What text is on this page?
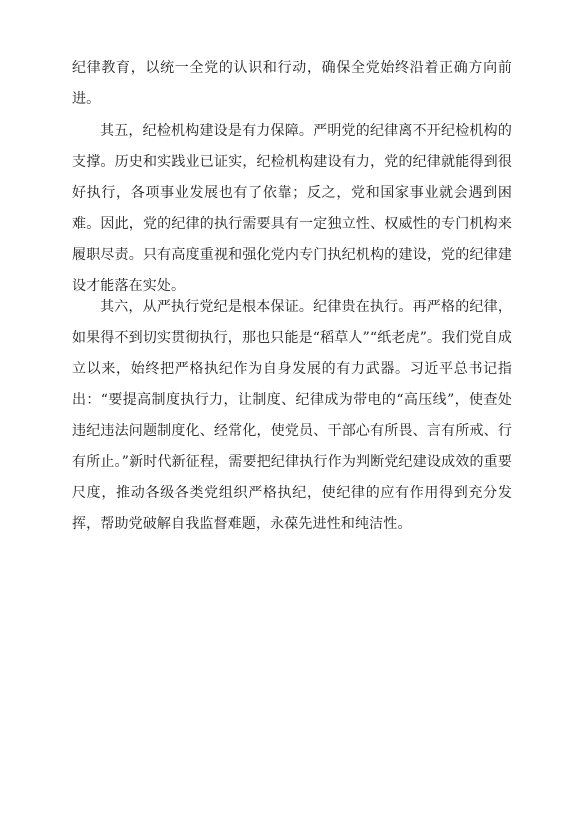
纪律教育，以统一全党的认识和行动，确保全党始终沿着正确方向前进。

其五，纪检机构建设是有力保障。严明党的纪律离不开纪检机构的支撑。历史和实践业已证实，纪检机构建设有力，党的纪律就能得到很好执行，各项事业发展也有了依靠；反之，党和国家事业就会遇到困难。因此，党的纪律的执行需要具有一定独立性、权威性的专门机构来履职尽责。只有高度重视和强化党内专门执纪机构的建设，党的纪律建设才能落在实处。

其六，从严执行党纪是根本保证。纪律贵在执行。再严格的纪律，如果得不到切实贯彻执行，那也只能是“稻草人”“纸老虎”。我们党自成立以来，始终把严格执纪作为自身发展的有力武器。习近平总书记指出：“要提高制度执行力，让制度、纪律成为带电的“高压线”，使查处违纪违法问题制度化、经常化，使党员、干部心有所畏、言有所戒、行有所止。”新时代新征程，需要把纪律执行作为判断党纪建设成效的重要尺度，推动各级各类党组织严格执纪，使纪律的应有作用得到充分发挥，帮助党破解自我监督难题，永葆先进性和纯洁性。
